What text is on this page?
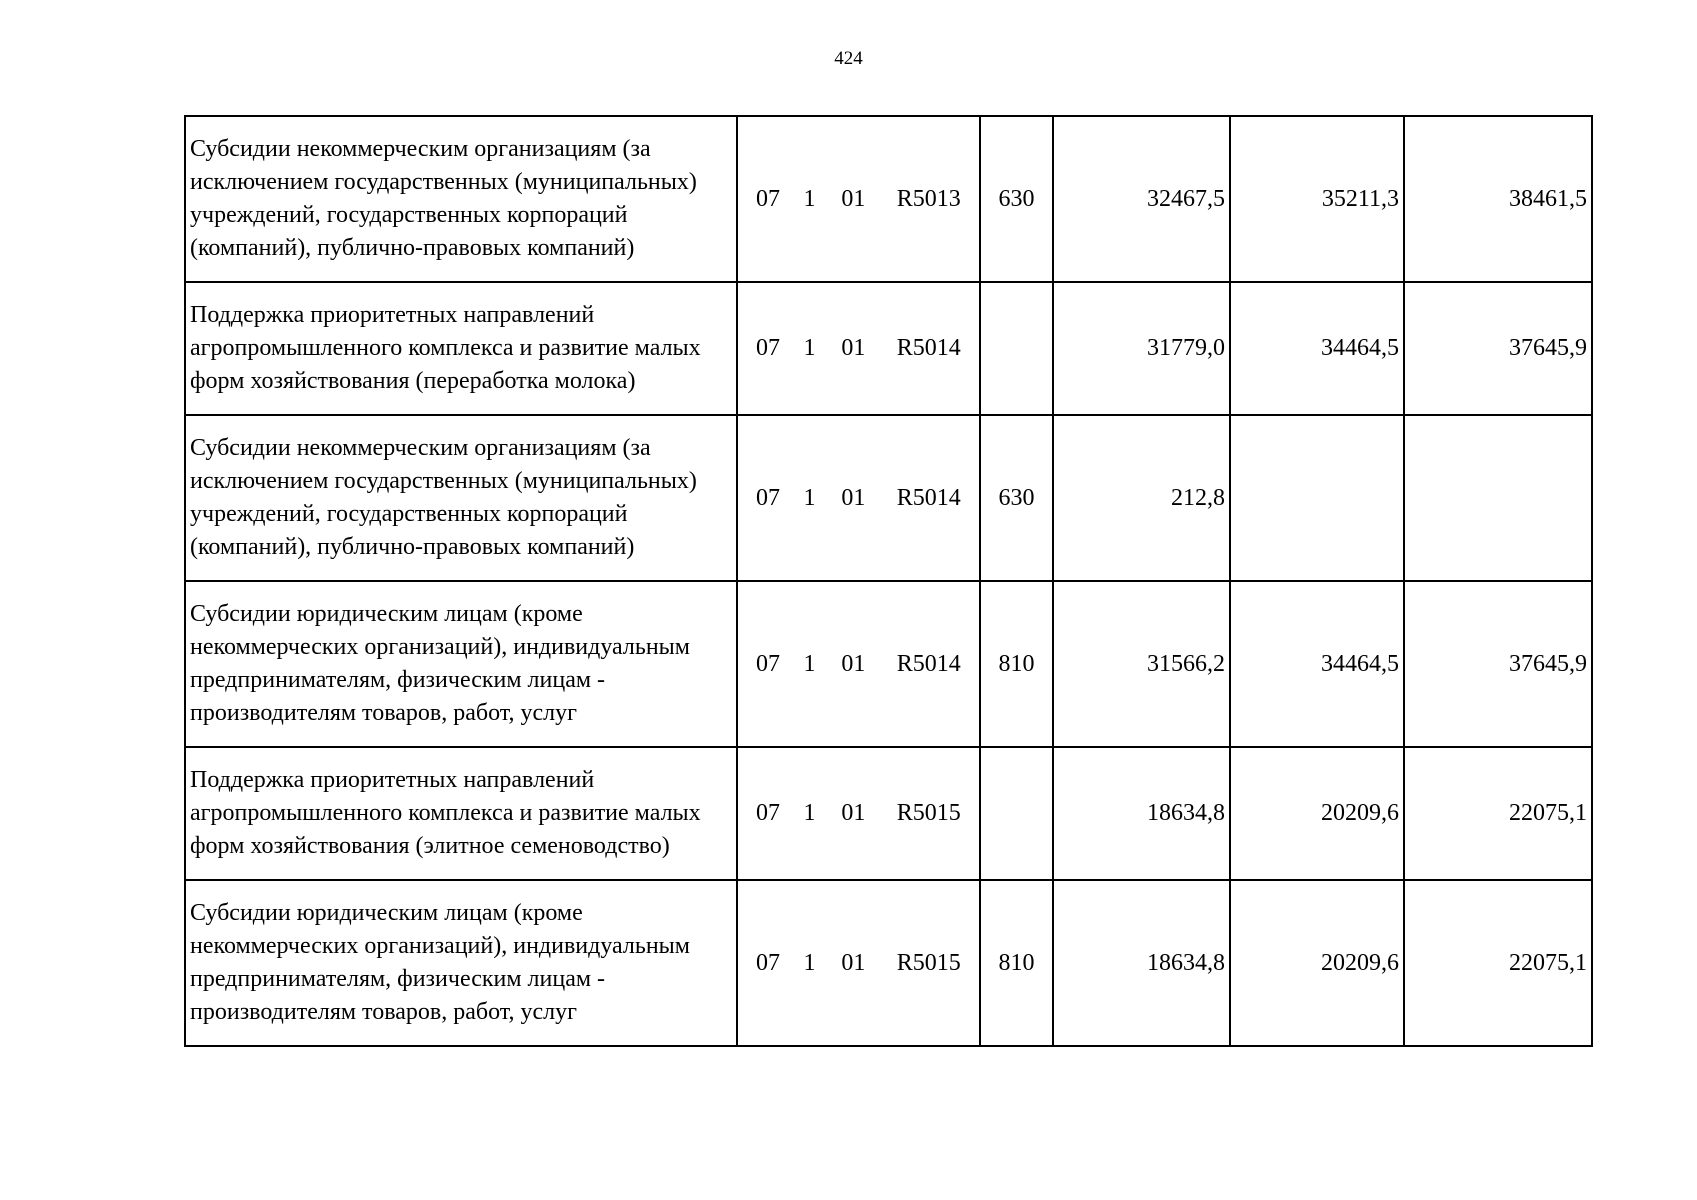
424
Субсидии некоммерческим организациям (за исключением государственных (муниципальных) учреждений, государственных корпораций (компаний), публично-правовых компаний)	07 1 01 R5013	630	32467,5	35211,3	38461,5
Поддержка приоритетных направлений агропромышленного комплекса и развитие малых форм хозяйствования (переработка молока)	07 1 01 R5014		31779,0	34464,5	37645,9
Субсидии некоммерческим организациям (за исключением государственных (муниципальных) учреждений, государственных корпораций (компаний), публично-правовых компаний)	07 1 01 R5014	630	212,8		
Субсидии юридическим лицам (кроме некоммерческих организаций), индивидуальным предпринимателям, физическим лицам - производителям товаров, работ, услуг	07 1 01 R5014	810	31566,2	34464,5	37645,9
Поддержка приоритетных направлений агропромышленного комплекса и развитие малых форм хозяйствования (элитное семеноводство)	07 1 01 R5015		18634,8	20209,6	22075,1
Субсидии юридическим лицам (кроме некоммерческих организаций), индивидуальным предпринимателям, физическим лицам - производителям товаров, работ, услуг	07 1 01 R5015	810	18634,8	20209,6	22075,1
